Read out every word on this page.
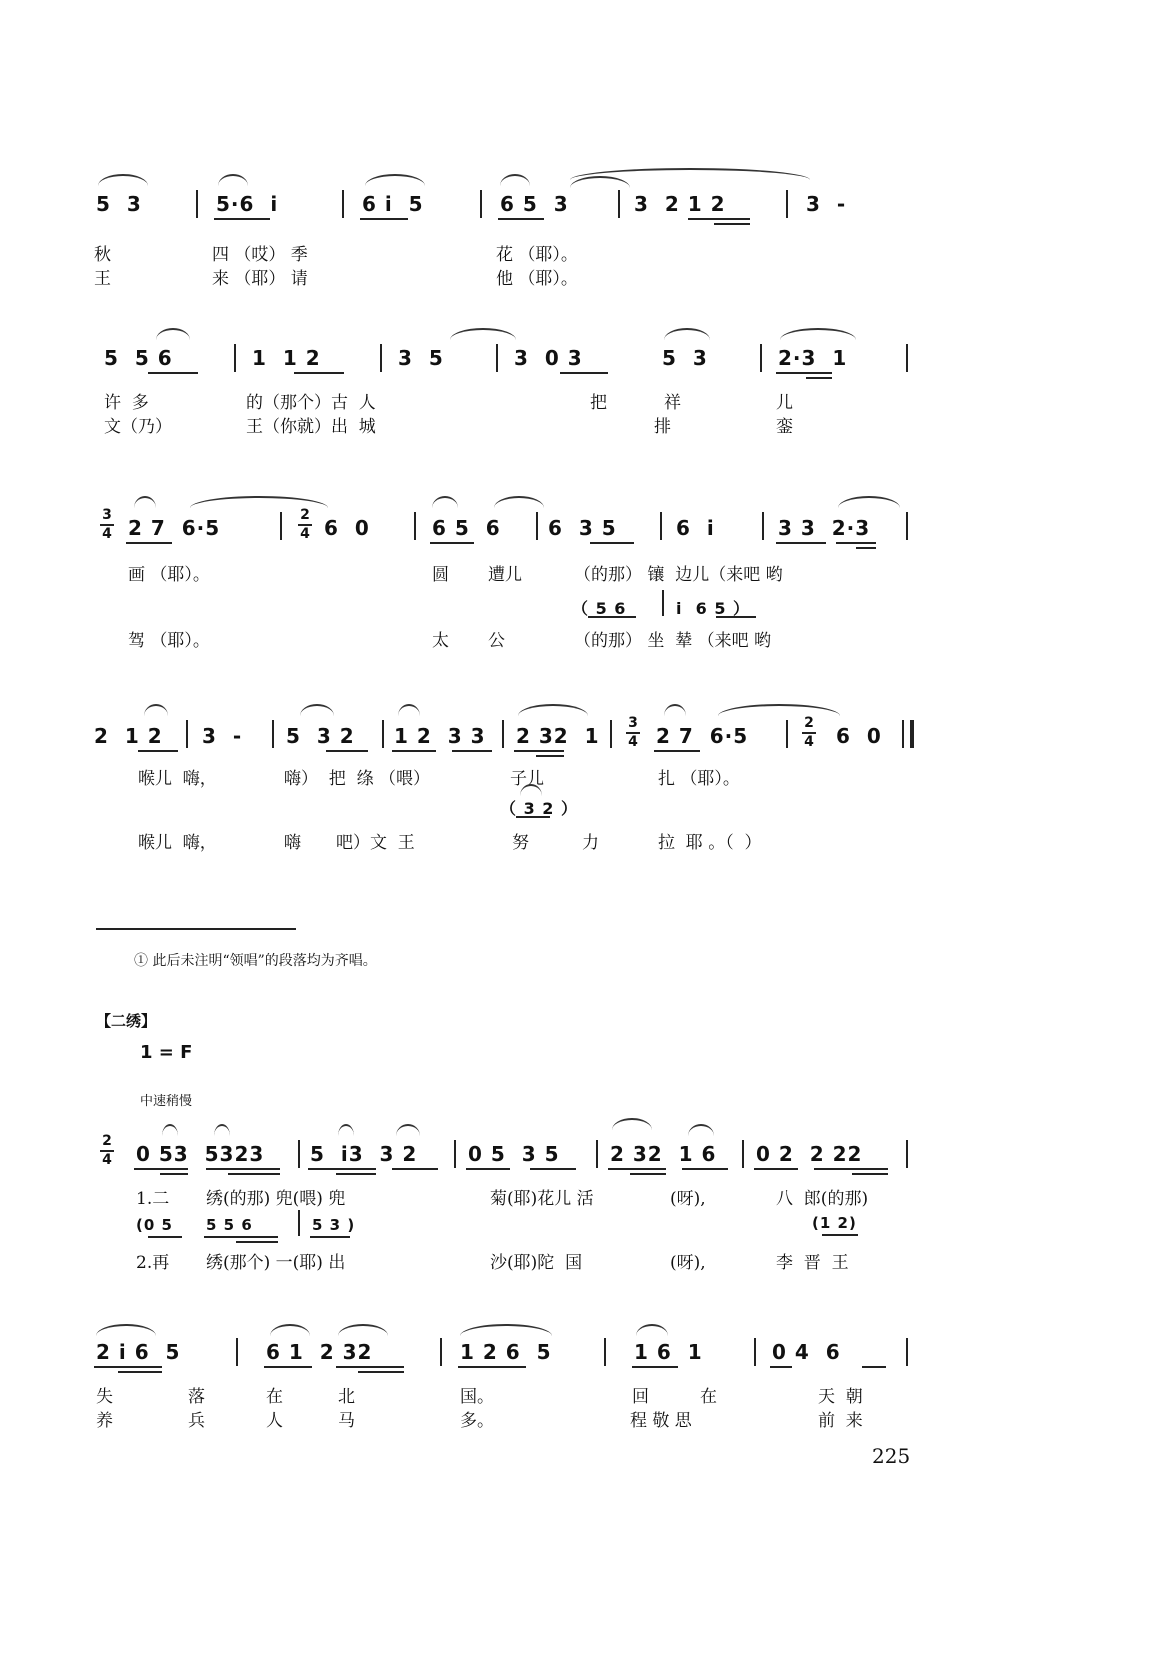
5  3	5·6  i	6 i  5	6 5  3	3  2 1 2	3  -
秋	四 （哎） 季	花 （耶）。
王	来 （耶） 请	他 （耶）。
5  5 6	1  1 2	3  5	3  0 3	5  3	2·3  1
许  多	的（那个）古  人	把	祥	儿
文（乃）	王（你就）出  城	排	銮
3
4 2 7  6·5
2
4 6  0	6 5  6 6  3 5	6  i	3 3  2·3
画 （耶）。	圆 遭儿	（的那） 镶  边儿（来吧 哟
（ 5 6	i  6 5 ）
驾 （耶）。	太 公	（的那） 坐  辇 （来吧 哟
2  1 2 3  - 5  3 2 1 2  3 3 2 32  1
3
4 2 7  6·5
2
4 6  0
喉儿  嗨，	嗨）  把  绦 （喂）	子儿	扎 （耶）。
（ 3 2 ）
喉儿  嗨，	嗨 吧）文  王	努	力	拉  耶 。（  ）
① 此后未注明“领唱”的段落均为齐唱。
【二绣】
1 = F
中速稍慢
2
4 0 53  5323 5  i3  3 2	0 5  3 5	2 32  1 6 0 2  2 22
1.二 绣(的那) 兜(喂) 兜	菊(耶)花儿 活	(呀),	八  郎(的那)
(0 5 5 5 6	5 3 )	(1 2)
2.再 绣(那个) 一(耶) 出	沙(耶)陀  国	(呀),	李  晋  王
2 i 6  5	6 1  2 32	1 2 6  5	1 6  1	0 4  6
失	落	在	北	国。	回	在	天  朝
养	兵	人	马	多。	程 敬 思	前  来
225
